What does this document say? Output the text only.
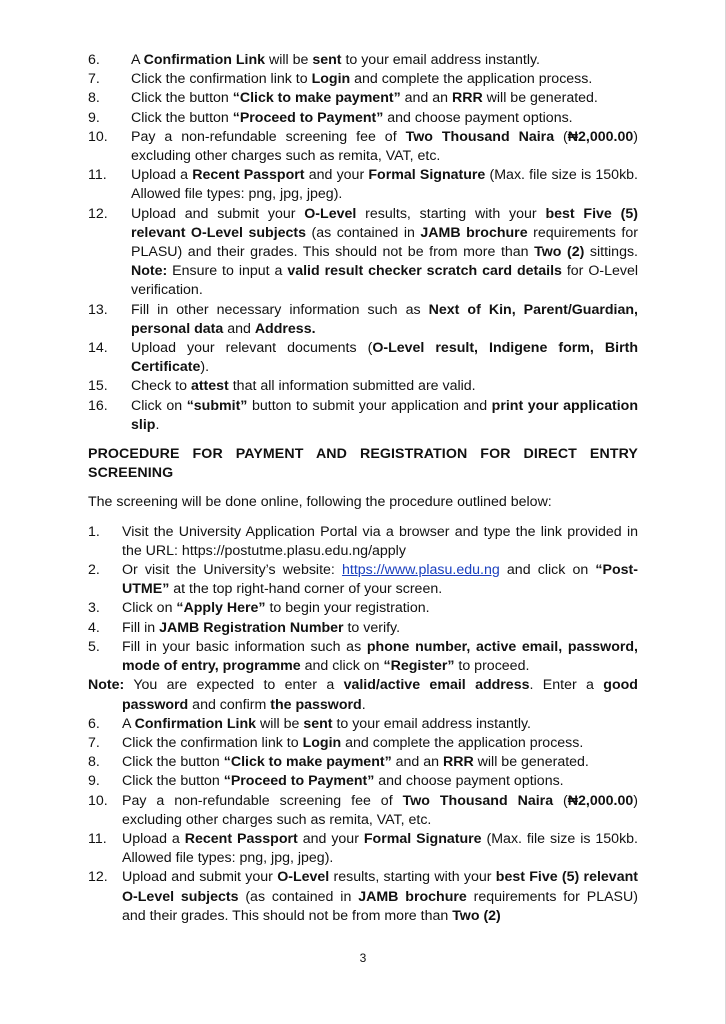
6. A Confirmation Link will be sent to your email address instantly.
7. Click the confirmation link to Login and complete the application process.
8. Click the button “Click to make payment” and an RRR will be generated.
9. Click the button “Proceed to Payment” and choose payment options.
10. Pay a non-refundable screening fee of Two Thousand Naira (₦2,000.00) excluding other charges such as remita, VAT, etc.
11. Upload a Recent Passport and your Formal Signature (Max. file size is 150kb. Allowed file types: png, jpg, jpeg).
12. Upload and submit your O-Level results, starting with your best Five (5) relevant O-Level subjects (as contained in JAMB brochure requirements for PLASU) and their grades. This should not be from more than Two (2) sittings. Note: Ensure to input a valid result checker scratch card details for O-Level verification.
13. Fill in other necessary information such as Next of Kin, Parent/Guardian, personal data and Address.
14. Upload your relevant documents (O-Level result, Indigene form, Birth Certificate).
15. Check to attest that all information submitted are valid.
16. Click on “submit” button to submit your application and print your application slip.
PROCEDURE FOR PAYMENT AND REGISTRATION FOR DIRECT ENTRY SCREENING
The screening will be done online, following the procedure outlined below:
1. Visit the University Application Portal via a browser and type the link provided in the URL: https://postutme.plasu.edu.ng/apply
2. Or visit the University’s website: https://www.plasu.edu.ng and click on “Post-UTME” at the top right-hand corner of your screen.
3. Click on “Apply Here” to begin your registration.
4. Fill in JAMB Registration Number to verify.
5. Fill in your basic information such as phone number, active email, password, mode of entry, programme and click on “Register” to proceed.
Note: You are expected to enter a valid/active email address. Enter a good password and confirm the password.
6. A Confirmation Link will be sent to your email address instantly.
7. Click the confirmation link to Login and complete the application process.
8. Click the button “Click to make payment” and an RRR will be generated.
9. Click the button “Proceed to Payment” and choose payment options.
10. Pay a non-refundable screening fee of Two Thousand Naira (₦2,000.00) excluding other charges such as remita, VAT, etc.
11. Upload a Recent Passport and your Formal Signature (Max. file size is 150kb. Allowed file types: png, jpg, jpeg).
12. Upload and submit your O-Level results, starting with your best Five (5) relevant O-Level subjects (as contained in JAMB brochure requirements for PLASU) and their grades. This should not be from more than Two (2)
3
